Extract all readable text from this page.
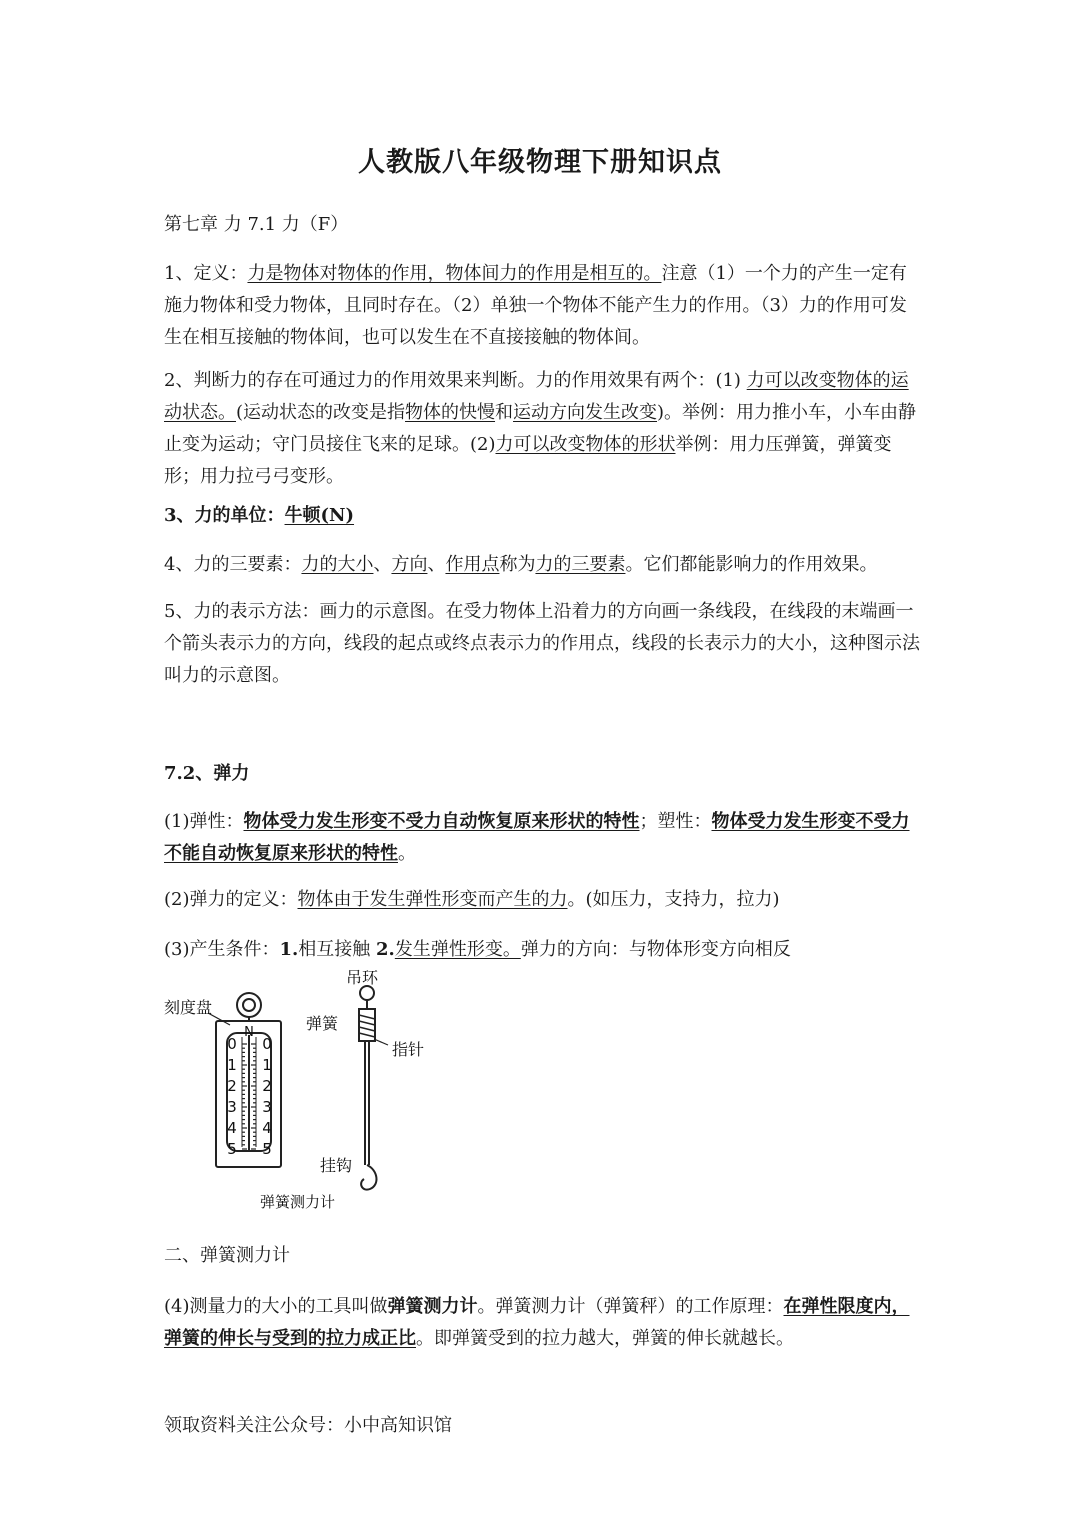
人教版八年级物理下册知识点

第七章 力 7.1 力（F）

1、定义：力是物体对物体的作用，物体间力的作用是相互的。注意（1）一个力的产生一定有施力物体和受力物体，且同时存在。（2）单独一个物体不能产生力的作用。（3）力的作用可发生在相互接触的物体间，也可以发生在不直接接触的物体间。

2、判断力的存在可通过力的作用效果来判断。力的作用效果有两个：(1) 力可以改变物体的运动状态。(运动状态的改变是指物体的快慢和运动方向发生改变)。举例：用力推小车，小车由静止变为运动；守门员接住飞来的足球。(2)力可以改变物体的形状举例：用力压弹簧，弹簧变形；用力拉弓弓变形。

3、力的单位：牛顿(N)

4、力的三要素：力的大小、方向、作用点称为力的三要素。它们都能影响力的作用效果。

5、力的表示方法：画力的示意图。在受力物体上沿着力的方向画一条线段，在线段的末端画一个箭头表示力的方向，线段的起点或终点表示力的作用点，线段的长表示力的大小，这种图示法叫力的示意图。

7.2、弹力

(1)弹性：物体受力发生形变不受力自动恢复原来形状的特性；塑性：物体受力发生形变不受力不能自动恢复原来形状的特性。

(2)弹力的定义：物体由于发生弹性形变而产生的力。(如压力，支持力，拉力)

(3)产生条件：1.相互接触 2.发生弹性形变。弹力的方向：与物体形变方向相反

N
0
1
2
3
4
5
0
1
2
3
4
5
刻度盘
吊环
弹簧
指针
挂钩
弹簧测力计

二、弹簧测力计

(4)测量力的大小的工具叫做弹簧测力计。弹簧测力计（弹簧秤）的工作原理：在弹性限度内，弹簧的伸长与受到的拉力成正比。即弹簧受到的拉力越大，弹簧的伸长就越长。

领取资料关注公众号：小中高知识馆
